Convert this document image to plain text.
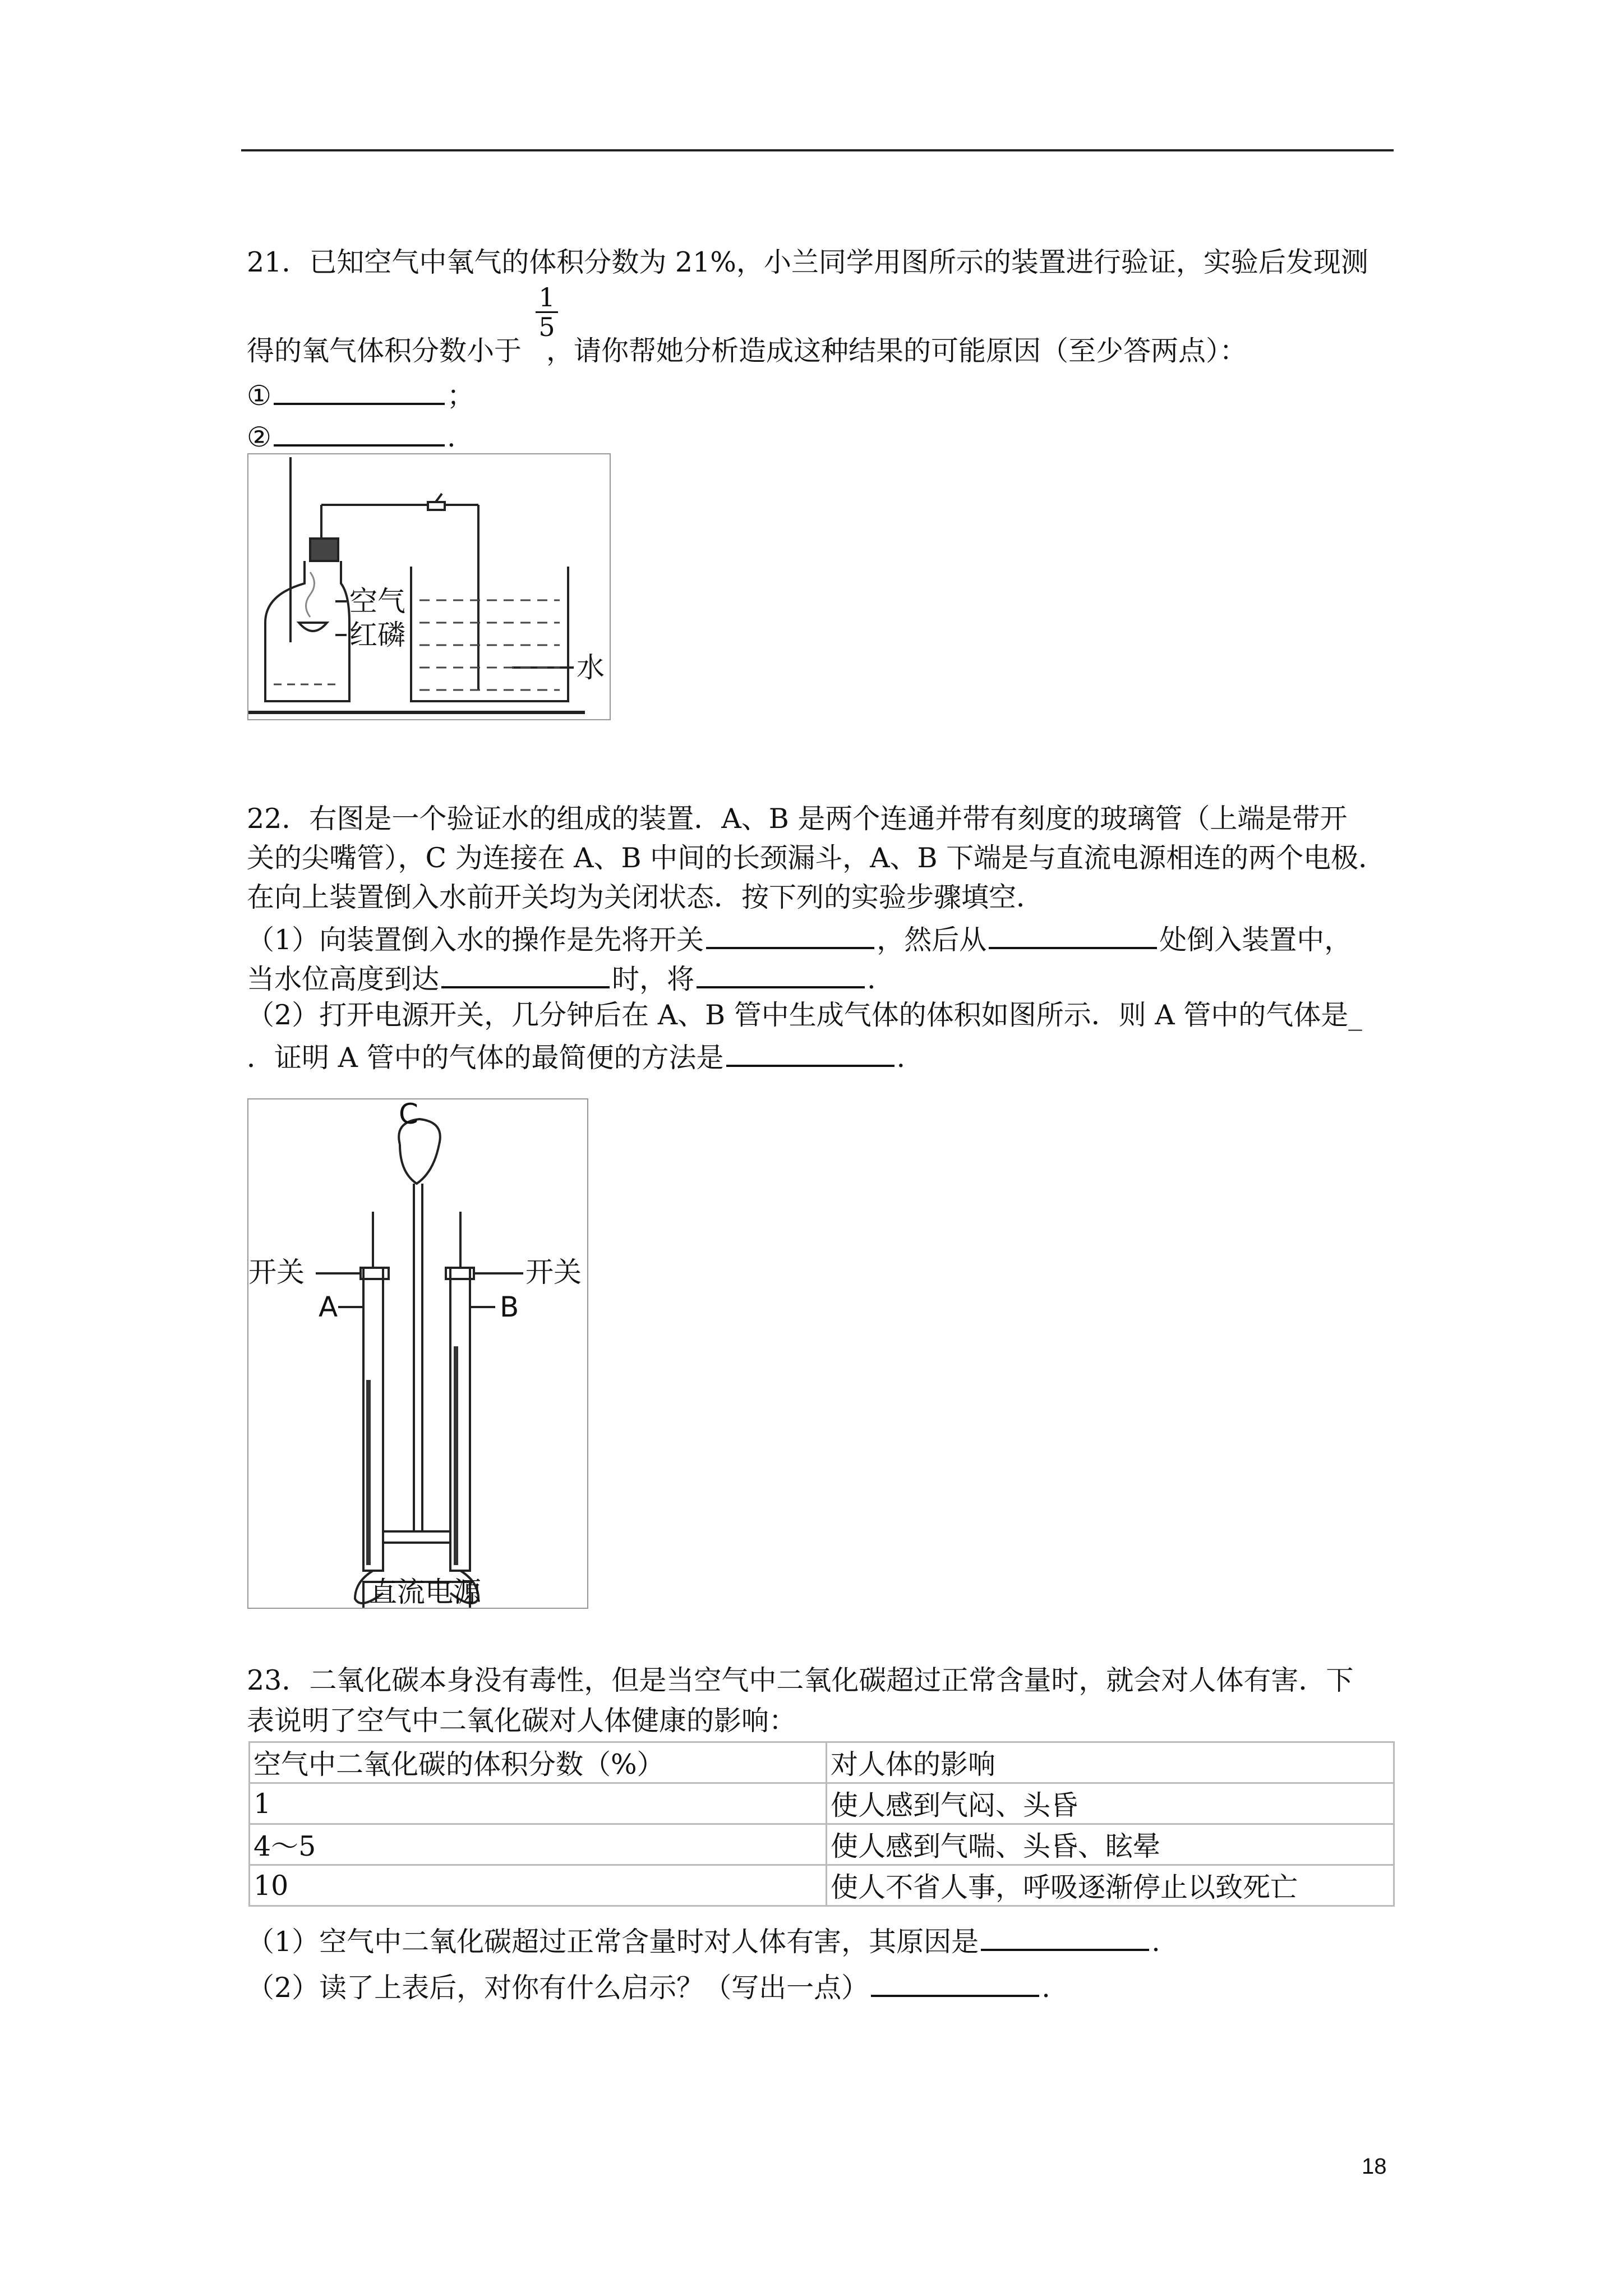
21．已知空气中氧气的体积分数为 21%，小兰同学用图所示的装置进行验证，实验后发现测
$\frac{1}{5}$
得的氧气体积分数小于 ，请你帮她分析造成这种结果的可能原因（至少答两点）：
①	；
②	.
空气
红磷
水
22．右图是一个验证水的组成的装置．A、B 是两个连通并带有刻度的玻璃管（上端是带开
关的尖嘴管），C 为连接在 A、B 中间的长颈漏斗，A、B 下端是与直流电源相连的两个电极．
在向上装置倒入水前开关均为关闭状态．按下列的实验步骤填空．
（1）向装置倒入水的操作是先将开关	，然后从	处倒入装置中，
当水位高度到达	时，将	.
（2）打开电源开关，几分钟后在 A、B 管中生成气体的体积如图所示．则 A 管中的气体是_
．证明 A 管中的气体的最简便的方法是	.
C
开关	开关
A	B
直流电源
23．二氧化碳本身没有毒性，但是当空气中二氧化碳超过正常含量时，就会对人体有害．下
表说明了空气中二氧化碳对人体健康的影响：
空气中二氧化碳的体积分数（%）	对人体的影响
1	使人感到气闷、头昏
4～5	使人感到气喘、头昏、眩晕
10	使人不省人事，呼吸逐渐停止以致死亡
（1）空气中二氧化碳超过正常含量时对人体有害，其原因是	.
（2）读了上表后，对你有什么启示？（写出一点）	.
18
